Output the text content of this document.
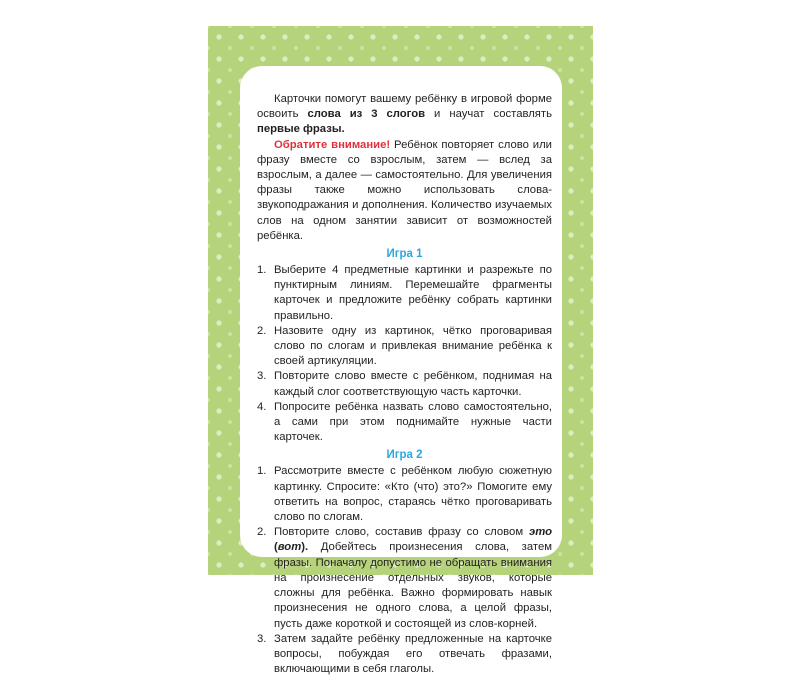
Карточки помогут вашему ребёнку в игровой форме освоить слова из 3 слогов и научат составлять первые фразы.

Обратите внимание! Ребёнок повторяет слово или фразу вместе со взрослым, затем — вслед за взрослым, а далее — самостоятельно. Для увеличения фразы также можно использовать слова-звукоподражания и дополнения. Количество изучаемых слов на одном занятии зависит от возможностей ребёнка.

Игра 1
1. Выберите 4 предметные картинки и разрежьте по пунктирным линиям. Перемешайте фрагменты карточек и предложите ребёнку собрать картинки правильно.
2. Назовите одну из картинок, чётко проговаривая слово по слогам и привлекая внимание ребёнка к своей артикуляции.
3. Повторите слово вместе с ребёнком, поднимая на каждый слог соответствующую часть карточки.
4. Попросите ребёнка назвать слово самостоятельно, а сами при этом поднимайте нужные части карточек.
Игра 2
1. Рассмотрите вместе с ребёнком любую сюжетную картинку. Спросите: «Кто (что) это?» Помогите ему ответить на вопрос, стараясь чётко проговаривать слово по слогам.
2. Повторите слово, составив фразу со словом это (вот). Добейтесь произнесения слова, затем фразы. Поначалу допустимо не обращать внимания на произнесение отдельных звуков, которые сложны для ребёнка. Важно формировать навык произнесения не одного слова, а целой фразы, пусть даже короткой и состоящей из слов-корней.
3. Затем задайте ребёнку предложенные на карточке вопросы, побуждая его отвечать фразами, включающими в себя глаголы.
